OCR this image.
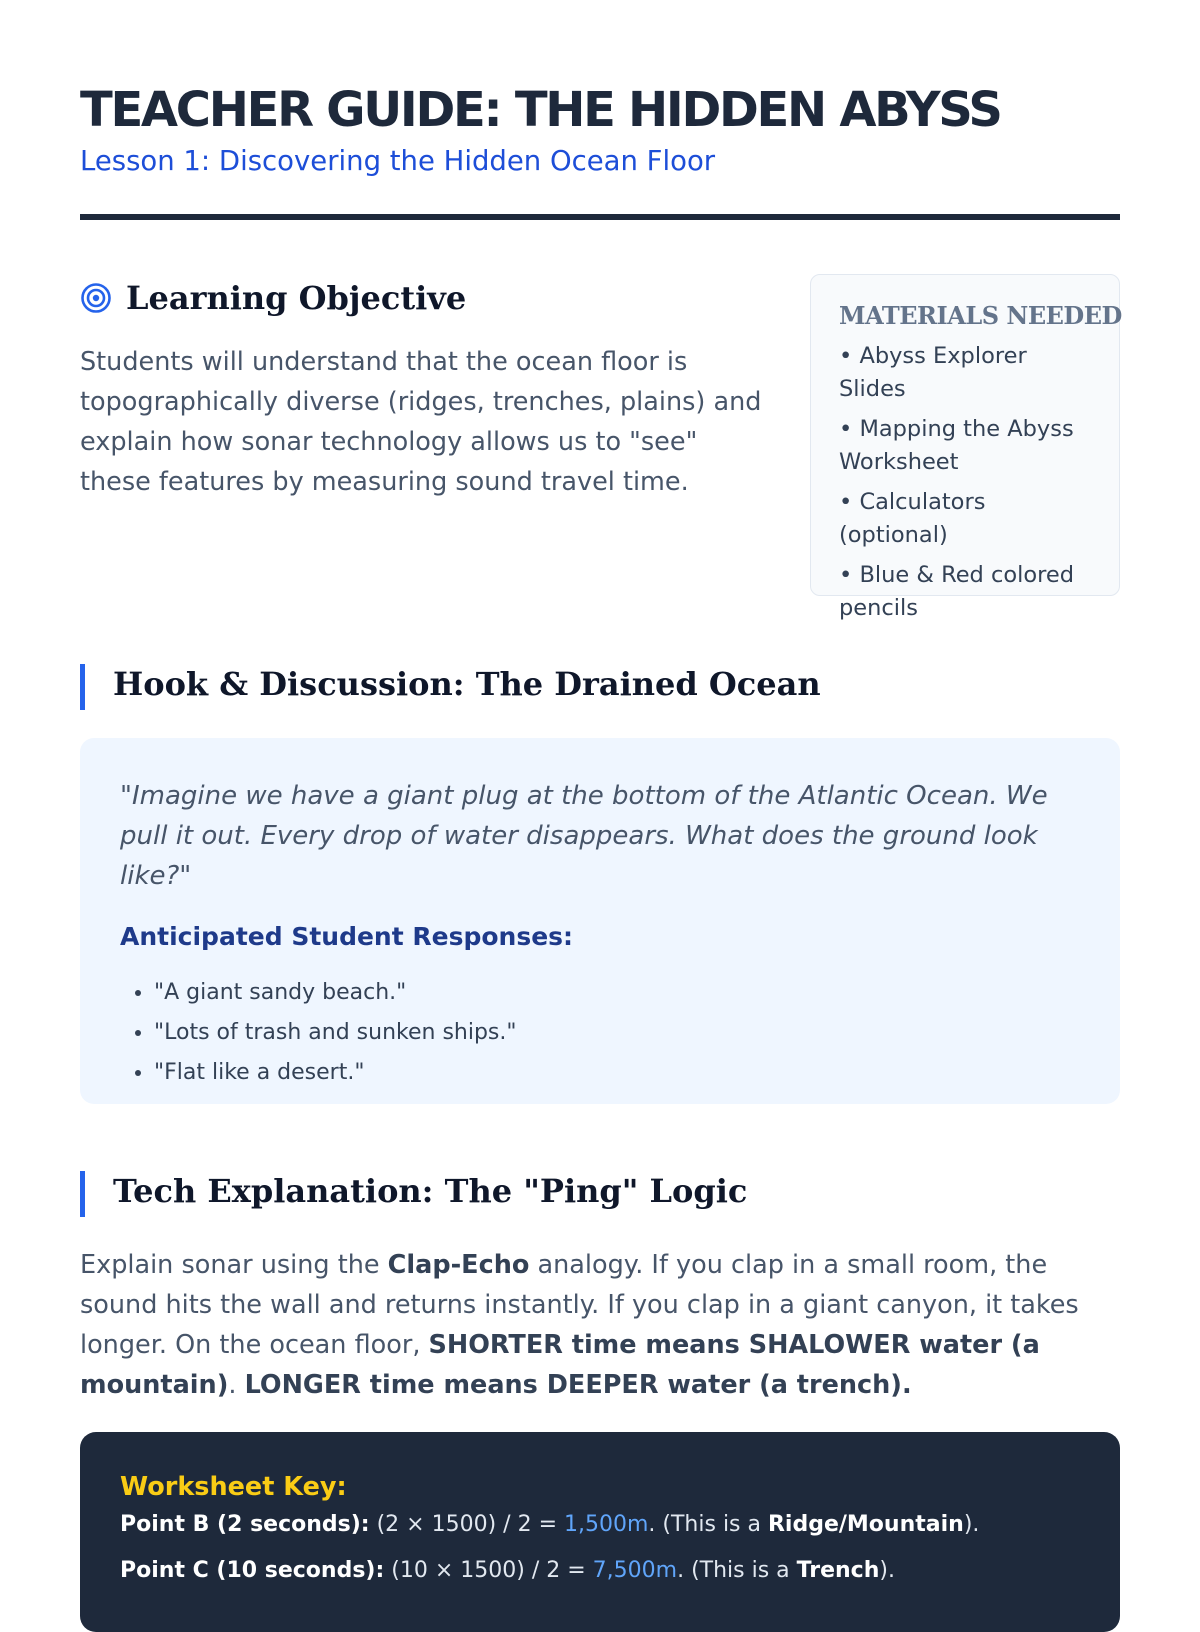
TEACHER GUIDE: THE HIDDEN ABYSS

Lesson 1: Discovering the Hidden Ocean Floor

Learning Objective

Students will understand that the ocean floor is topographically diverse (ridges, trenches, plains) and explain how sonar technology allows us to "see" these features by measuring sound travel time.

MATERIALS NEEDED
• Abyss Explorer Slides
• Mapping the Abyss Worksheet
• Calculators (optional)
• Blue & Red colored pencils
Hook & Discussion: The Drained Ocean

"Imagine we have a giant plug at the bottom of the Atlantic Ocean. We pull it out. Every drop of water disappears. What does the ground look like?"

Anticipated Student Responses:

• "A giant sandy beach."
• "Lots of trash and sunken ships."
• "Flat like a desert."
Tech Explanation: The "Ping" Logic

Explain sonar using the Clap-Echo analogy. If you clap in a small room, the sound hits the wall and returns instantly. If you clap in a giant canyon, it takes longer. On the ocean floor, SHORTER time means SHALOWER water (a mountain). LONGER time means DEEPER water (a trench).

Worksheet Key:

Point B (2 seconds): (2 × 1500) / 2 = 1,500m. (This is a Ridge/Mountain).

Point C (10 seconds): (10 × 1500) / 2 = 7,500m. (This is a Trench).
